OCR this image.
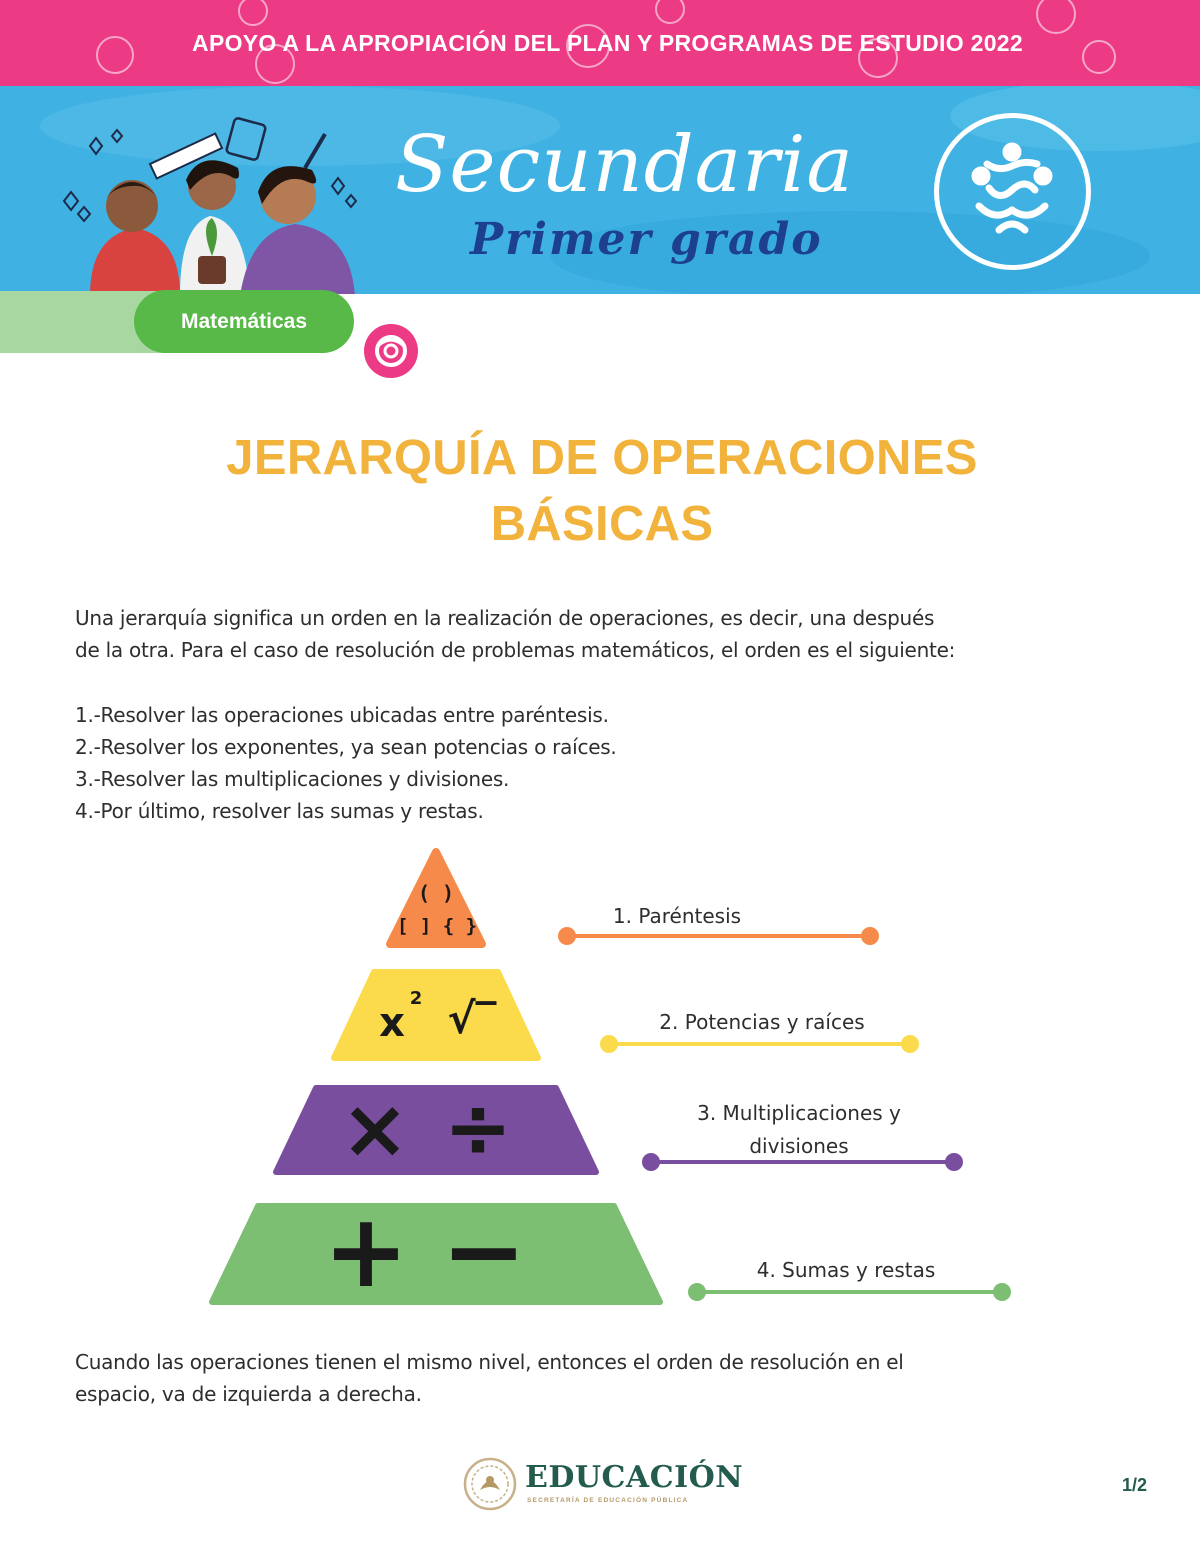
APOYO A LA APROPIACIÓN DEL PLAN Y PROGRAMAS DE ESTUDIO 2022
Secundaria
Primer grado
Matemáticas
JERARQUÍA DE OPERACIONES
BÁSICAS
Una jerarquía significa un orden en la realización de operaciones, es decir, una después
de la otra. Para el caso de resolución de problemas matemáticos, el orden es el siguiente:
1.-Resolver las operaciones ubicadas entre paréntesis.
2.-Resolver los exponentes, ya sean potencias o raíces.
3.-Resolver las multiplicaciones y divisiones.
4.-Por último, resolver las sumas y restas.
( )
[ ] { }	1. Paréntesis
x
2 √‾	2. Potencias y raíces
× ÷	3. Multiplicaciones y
divisiones
+ −	4. Sumas y restas
Cuando las operaciones tienen el mismo nivel, entonces el orden de resolución en el
espacio, va de izquierda a derecha.
EDUCACIÓN
SECRETARÍA DE EDUCACIÓN PÚBLICA
1/2
